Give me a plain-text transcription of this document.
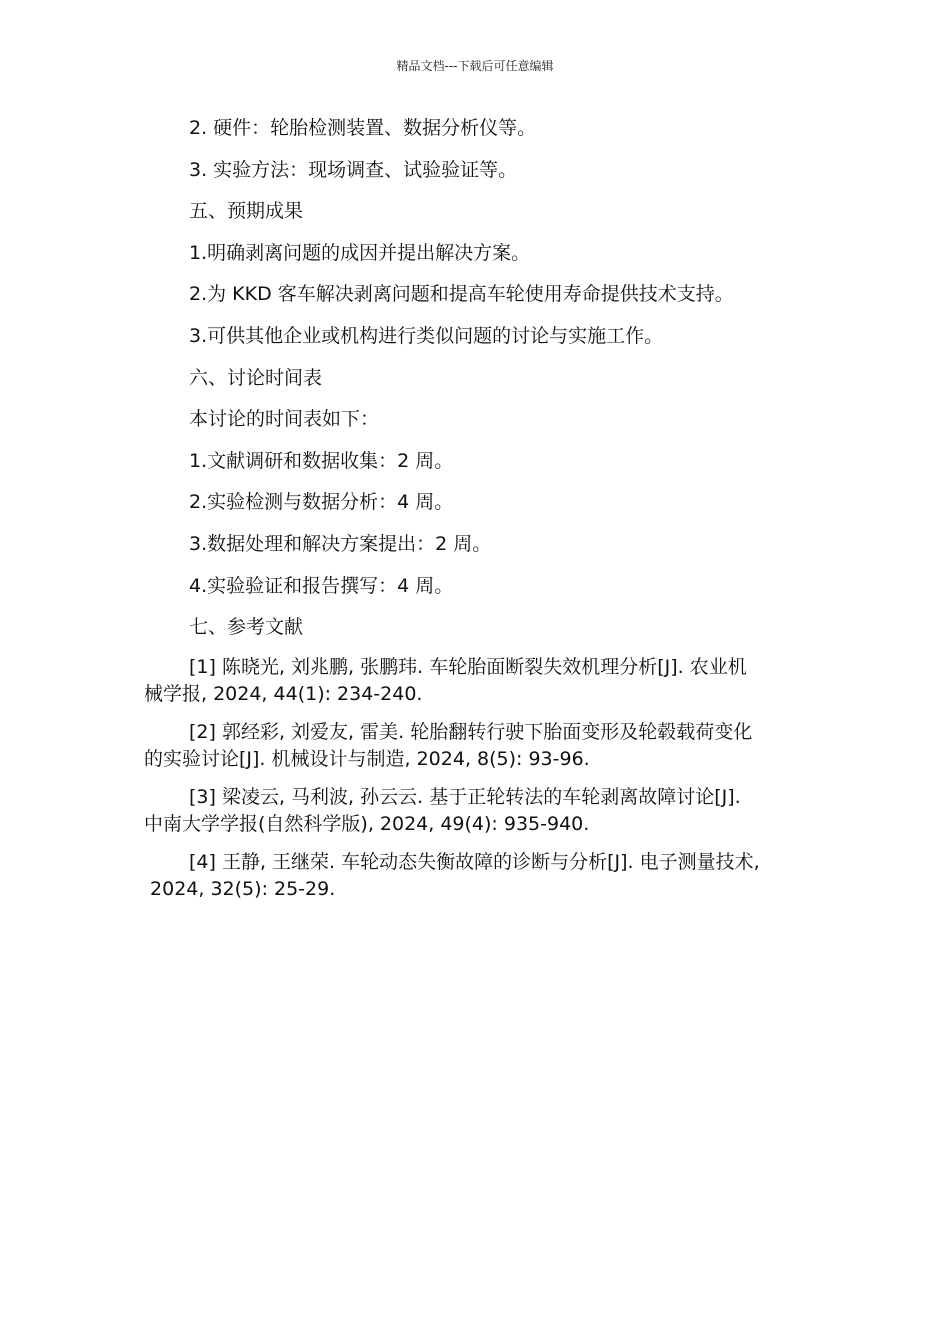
精品文档---下载后可任意编辑
2. 硬件：轮胎检测装置、数据分析仪等。
3. 实验方法：现场调查、试验验证等。
五、预期成果
1.明确剥离问题的成因并提出解决方案。
2.为 KKD 客车解决剥离问题和提高车轮使用寿命提供技术支持。
3.可供其他企业或机构进行类似问题的讨论与实施工作。
六、讨论时间表
本讨论的时间表如下：
1.文献调研和数据收集：2 周。
2.实验检测与数据分析：4 周。
3.数据处理和解决方案提出：2 周。
4.实验验证和报告撰写：4 周。
七、参考文献
[1] 陈晓光, 刘兆鹏, 张鹏玮. 车轮胎面断裂失效机理分析[J]. 农业机
械学报, 2024, 44(1): 234-240.
[2] 郭经彩, 刘爱友, 雷美. 轮胎翻转行驶下胎面变形及轮毂载荷变化
的实验讨论[J]. 机械设计与制造, 2024, 8(5): 93-96.
[3] 梁凌云, 马利波, 孙云云. 基于正轮转法的车轮剥离故障讨论[J].
中南大学学报(自然科学版), 2024, 49(4): 935-940.
[4] 王静, 王继荣. 车轮动态失衡故障的诊断与分析[J]. 电子测量技术,
2024, 32(5): 25-29.
